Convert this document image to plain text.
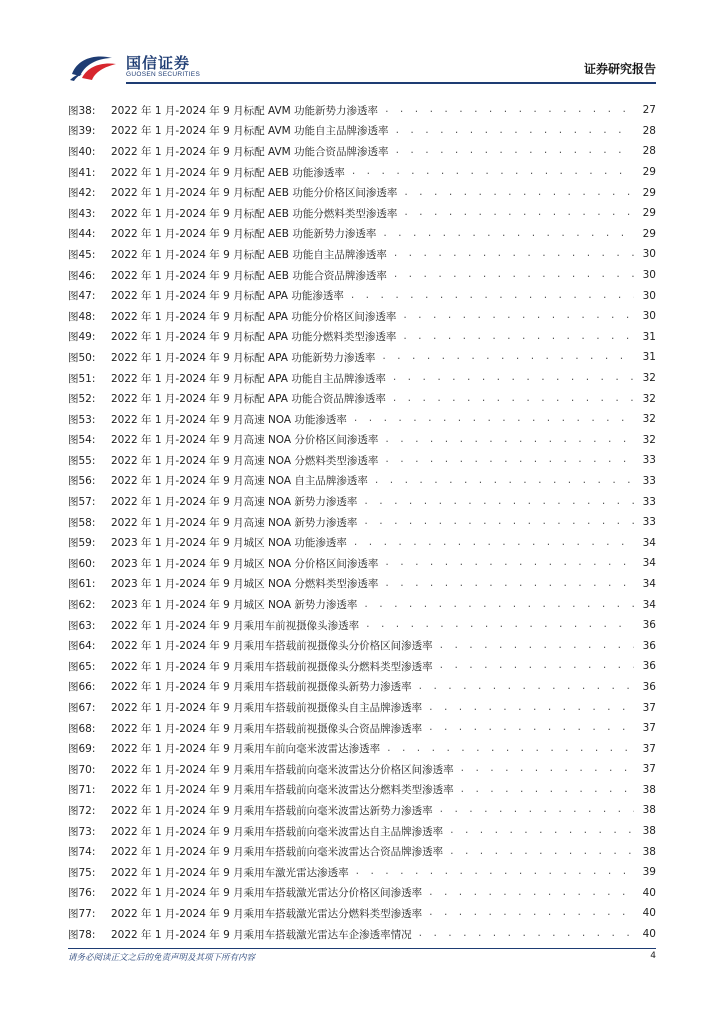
国信证券
GUOSEN SECURITIES	证券研究报告
图38:	2022 年 1 月-2024 年 9 月标配 AVM 功能新势力渗透率 . . .	27
图39:	2022 年 1 月-2024 年 9 月标配 AVM 功能自主品牌渗透率 . . .	28
图40:	2022 年 1 月-2024 年 9 月标配 AVM 功能合资品牌渗透率 . . .	28
图41:	2022 年 1 月-2024 年 9 月标配 AEB 功能渗透率 . . .	29
图42:	2022 年 1 月-2024 年 9 月标配 AEB 功能分价格区间渗透率 . . .	29
图43:	2022 年 1 月-2024 年 9 月标配 AEB 功能分燃料类型渗透率 . . .	29
图44:	2022 年 1 月-2024 年 9 月标配 AEB 功能新势力渗透率 . . .	29
图45:	2022 年 1 月-2024 年 9 月标配 AEB 功能自主品牌渗透率 . . .	30
图46:	2022 年 1 月-2024 年 9 月标配 AEB 功能合资品牌渗透率 . . .	30
图47:	2022 年 1 月-2024 年 9 月标配 APA 功能渗透率 . . .	30
图48:	2022 年 1 月-2024 年 9 月标配 APA 功能分价格区间渗透率 . . .	30
图49:	2022 年 1 月-2024 年 9 月标配 APA 功能分燃料类型渗透率 . . .	31
图50:	2022 年 1 月-2024 年 9 月标配 APA 功能新势力渗透率 . . .	31
图51:	2022 年 1 月-2024 年 9 月标配 APA 功能自主品牌渗透率 . . .	32
图52:	2022 年 1 月-2024 年 9 月标配 APA 功能合资品牌渗透率 . . .	32
图53:	2022 年 1 月-2024 年 9 月高速 NOA 功能渗透率 . . .	32
图54:	2022 年 1 月-2024 年 9 月高速 NOA 分价格区间渗透率 . . .	32
图55:	2022 年 1 月-2024 年 9 月高速 NOA 分燃料类型渗透率 . . .	33
图56:	2022 年 1 月-2024 年 9 月高速 NOA 自主品牌渗透率 . . .	33
图57:	2022 年 1 月-2024 年 9 月高速 NOA 新势力渗透率 . . .	33
图58:	2022 年 1 月-2024 年 9 月高速 NOA 新势力渗透率 . . .	33
图59:	2023 年 1 月-2024 年 9 月城区 NOA 功能渗透率 . . .	34
图60:	2023 年 1 月-2024 年 9 月城区 NOA 分价格区间渗透率 . . .	34
图61:	2023 年 1 月-2024 年 9 月城区 NOA 分燃料类型渗透率 . . .	34
图62:	2023 年 1 月-2024 年 9 月城区 NOA 新势力渗透率 . . .	34
图63:	2022 年 1 月-2024 年 9 月乘用车前视摄像头渗透率 . . .	36
图64:	2022 年 1 月-2024 年 9 月乘用车搭载前视摄像头分价格区间渗透率 . . .	36
图65:	2022 年 1 月-2024 年 9 月乘用车搭载前视摄像头分燃料类型渗透率 . . .	36
图66:	2022 年 1 月-2024 年 9 月乘用车搭载前视摄像头新势力渗透率 . . .	36
图67:	2022 年 1 月-2024 年 9 月乘用车搭载前视摄像头自主品牌渗透率 . . .	37
图68:	2022 年 1 月-2024 年 9 月乘用车搭载前视摄像头合资品牌渗透率 . . .	37
图69:	2022 年 1 月-2024 年 9 月乘用车前向毫米波雷达渗透率 . . .	37
图70:	2022 年 1 月-2024 年 9 月乘用车搭载前向毫米波雷达分价格区间渗透率 . . .	37
图71:	2022 年 1 月-2024 年 9 月乘用车搭载前向毫米波雷达分燃料类型渗透率 . . .	38
图72:	2022 年 1 月-2024 年 9 月乘用车搭载前向毫米波雷达新势力渗透率 . . .	38
图73:	2022 年 1 月-2024 年 9 月乘用车搭载前向毫米波雷达自主品牌渗透率 . . .	38
图74:	2022 年 1 月-2024 年 9 月乘用车搭载前向毫米波雷达合资品牌渗透率 . . .	38
图75:	2022 年 1 月-2024 年 9 月乘用车激光雷达渗透率 . . .	39
图76:	2022 年 1 月-2024 年 9 月乘用车搭载激光雷达分价格区间渗透率 . . .	40
图77:	2022 年 1 月-2024 年 9 月乘用车搭载激光雷达分燃料类型渗透率 . . .	40
图78:	2022 年 1 月-2024 年 9 月乘用车搭载激光雷达车企渗透率情况 . . .	40
请务必阅读正文之后的免责声明及其项下所有内容	4
